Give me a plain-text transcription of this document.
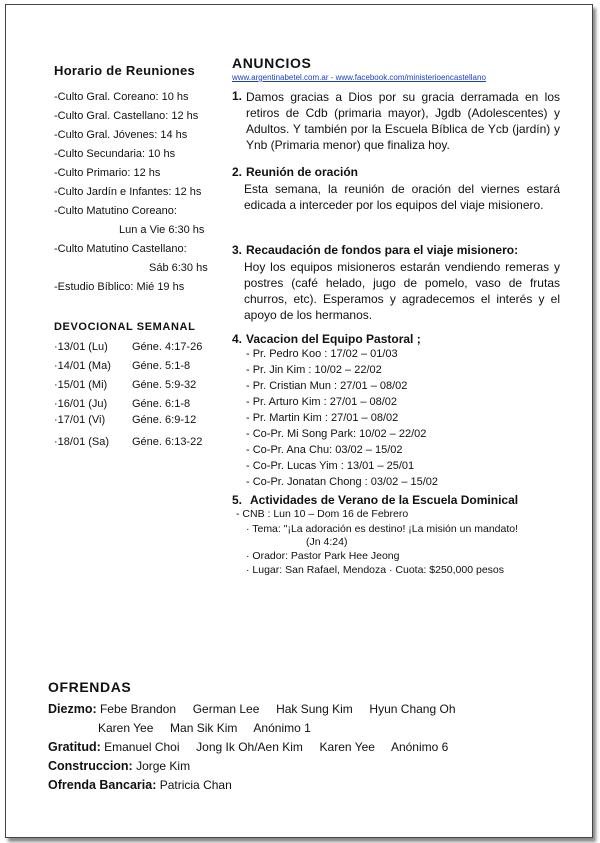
Horario de Reuniones
-Culto Gral. Coreano: 10 hs
-Culto Gral. Castellano: 12 hs
-Culto Gral. Jóvenes: 14 hs
-Culto Secundaria: 10 hs
-Culto Primario: 12 hs
-Culto Jardín e Infantes: 12 hs
-Culto Matutino Coreano:
Lun a Vie 6:30 hs
-Culto Matutino Castellano:
Sáb 6:30 hs
-Estudio Bíblico: Mié 19 hs
DEVOCIONAL SEMANAL
·13/01 (Lu) Géne. 4:17-26
·14/01 (Ma) Géne. 5:1-8
·15/01 (Mi) Géne. 5:9-32
·16/01 (Ju) Géne. 6:1-8
·17/01 (Vi) Géne. 6:9-12
·18/01 (Sa) Géne. 6:13-22
ANUNCIOS
www.argentinabetel.com.ar - www.facebook.com/ministerioencastellano
1. Damos gracias a Dios por su gracia derramada en los retiros de Cdb (primaria mayor), Jgdb (Adolescentes) y Adultos. Y también por la Escuela Bíblica de Ycb (jardín) y Ynb (Primaria menor) que finaliza hoy.
2. Reunión de oración
Esta semana, la reunión de oración del viernes estará edicada a interceder por los equipos del viaje misionero.
3. Recaudación de fondos para el viaje misionero:
Hoy los equipos misioneros estarán vendiendo remeras y postres (café helado, jugo de pomelo, vaso de frutas churros, etc). Esperamos y agradecemos el interés y el apoyo de los hermanos.
4. Vacacion del Equipo Pastoral ;
- Pr. Pedro Koo : 17/02 – 01/03
- Pr. Jin Kim : 10/02 – 22/02
- Pr. Cristian Mun : 27/01 – 08/02
- Pr. Arturo Kim : 27/01 – 08/02
- Pr. Martin Kim : 27/01 – 08/02
- Co-Pr. Mi Song Park: 10/02 – 22/02
- Co-Pr. Ana Chu: 03/02 – 15/02
- Co-Pr. Lucas Yim : 13/01 – 25/01
- Co-Pr. Jonatan Chong : 03/02 – 15/02
5. Actividades de Verano de la Escuela Dominical
- CNB : Lun 10 – Dom 16 de Febrero
· Tema: "¡La adoración es destino! ¡La misión un mandato!
(Jn 4:24)
· Orador: Pastor Park Hee Jeong
· Lugar: San Rafael, Mendoza · Cuota: $250,000 pesos
OFRENDAS
Diezmo: Febe Brandon     German Lee     Hak Sung Kim     Hyun Chang Oh
Karen Yee     Man Sik Kim     Anónimo 1
Gratitud: Emanuel Choi     Jong Ik Oh/Aen Kim     Karen Yee     Anónimo 6
Construccion: Jorge Kim
Ofrenda Bancaria: Patricia Chan
